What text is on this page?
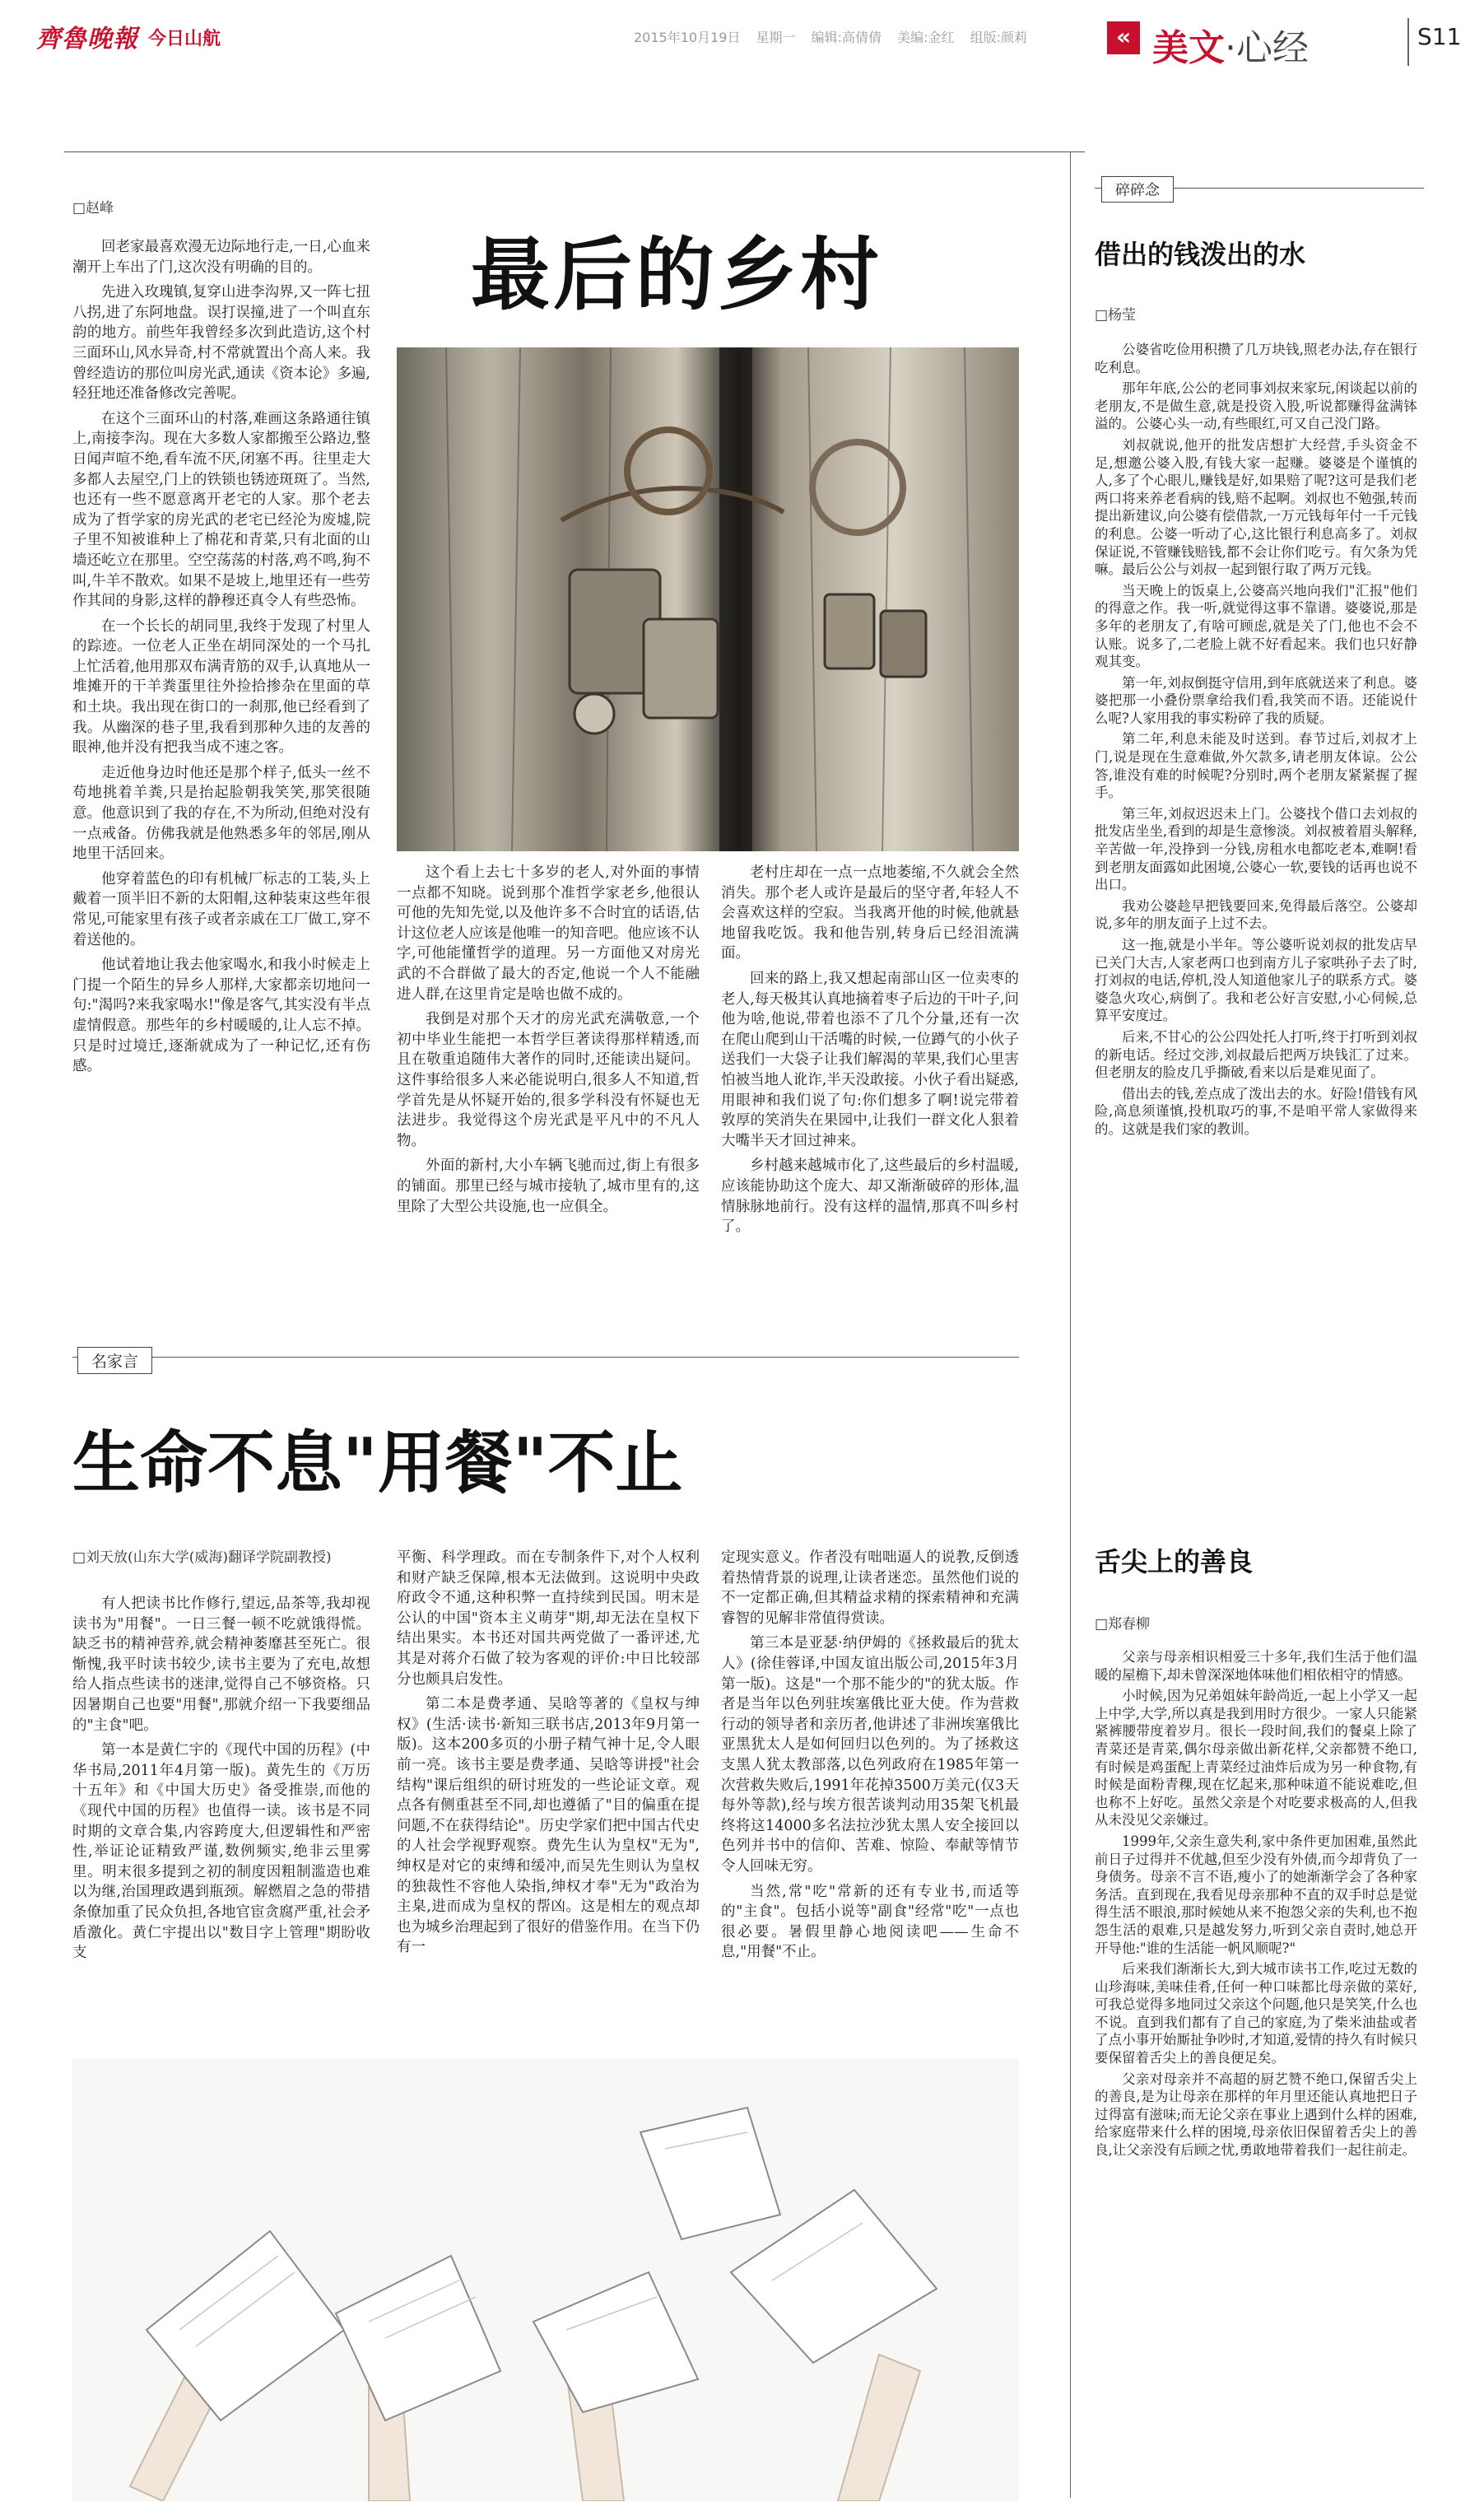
齊魯晚報 今日山航	2015年10月19日 星期一 编辑:高倩倩 美编:金红 组版:颜莉	« 美文·心经	S11
□赵峰
最后的乡村

回老家最喜欢漫无边际地行走,一日,心血来潮开上车出了门,这次没有明确的目的。

先进入玫瑰镇,复穿山进李沟界,又一阵七扭八拐,进了东阿地盘。误打误撞,进了一个叫直东韵的地方。前些年我曾经多次到此造访,这个村三面环山,风水异奇,村不常就置出个高人来。我曾经造访的那位叫房光武,通读《资本论》多遍,轻狂地还准备修改完善呢。

在这个三面环山的村落,难画这条路通往镇上,南接李沟。现在大多数人家都搬至公路边,整日闻声喧不绝,看车流不厌,闭塞不再。往里走大多都人去屋空,门上的铁锁也锈迹斑斑了。当然,也还有一些不愿意离开老宅的人家。那个老去成为了哲学家的房光武的老宅已经沦为废墟,院子里不知被谁种上了棉花和青菜,只有北面的山墙还屹立在那里。空空荡荡的村落,鸡不鸣,狗不叫,牛羊不散欢。如果不是坡上,地里还有一些劳作其间的身影,这样的静穆还真令人有些恐怖。

在一个长长的胡同里,我终于发现了村里人的踪迹。一位老人正坐在胡同深处的一个马扎上忙活着,他用那双布满青筋的双手,认真地从一堆摊开的干羊粪蛋里往外捡拾掺杂在里面的草和土块。我出现在街口的一刹那,他已经看到了我。从幽深的巷子里,我看到那种久违的友善的眼神,他并没有把我当成不速之客。

走近他身边时他还是那个样子,低头一丝不苟地挑着羊粪,只是抬起脸朝我笑笑,那笑很随意。他意识到了我的存在,不为所动,但绝对没有一点戒备。仿佛我就是他熟悉多年的邻居,刚从地里干活回来。

他穿着蓝色的印有机械厂标志的工装,头上戴着一顶半旧不新的太阳帽,这种装束这些年很常见,可能家里有孩子或者亲戚在工厂做工,穿不着送他的。

他试着地让我去他家喝水,和我小时候走上门提一个陌生的异乡人那样,大家都亲切地问一句:"渴吗?来我家喝水!"像是客气,其实没有半点虚情假意。那些年的乡村暖暖的,让人忘不掉。只是时过境迁,逐渐就成为了一种记忆,还有伤感。

这个看上去七十多岁的老人,对外面的事情一点都不知晓。说到那个准哲学家老乡,他很认可他的先知先觉,以及他许多不合时宜的话语,估计这位老人应该是他唯一的知音吧。他应该不认字,可他能懂哲学的道理。另一方面他又对房光武的不合群做了最大的否定,他说一个人不能融进人群,在这里肯定是啥也做不成的。

我倒是对那个天才的房光武充满敬意,一个初中毕业生能把一本哲学巨著读得那样精透,而且在敬重追随伟大著作的同时,还能读出疑问。这件事给很多人来必能说明白,很多人不知道,哲学首先是从怀疑开始的,很多学科没有怀疑也无法进步。我觉得这个房光武是平凡中的不凡人物。

外面的新村,大小车辆飞驰而过,街上有很多的铺面。那里已经与城市接轨了,城市里有的,这里除了大型公共设施,也一应俱全。

老村庄却在一点一点地萎缩,不久就会全然消失。那个老人或许是最后的坚守者,年轻人不会喜欢这样的空寂。当我离开他的时候,他就悬地留我吃饭。我和他告别,转身后已经泪流满面。

回来的路上,我又想起南部山区一位卖枣的老人,每天极其认真地摘着枣子后边的干叶子,问他为啥,他说,带着也添不了几个分量,还有一次在爬山爬到山干活嘴的时候,一位蹲气的小伙子送我们一大袋子让我们解渴的苹果,我们心里害怕被当地人讹诈,半天没敢接。小伙子看出疑惑,用眼神和我们说了句:你们想多了啊!说完带着敦厚的笑消失在果园中,让我们一群文化人狠着大嘴半天才回过神来。

乡村越来越城市化了,这些最后的乡村温暖,应该能协助这个庞大、却又渐渐破碎的形体,温情脉脉地前行。没有这样的温情,那真不叫乡村了。

名家言
生命不息"用餐"不止
□刘天放(山东大学(威海)翻译学院副教授)

有人把读书比作修行,望远,品茶等,我却视读书为"用餐"。一日三餐一顿不吃就饿得慌。缺乏书的精神营养,就会精神萎靡甚至死亡。很惭愧,我平时读书较少,读书主要为了充电,故想给人指点些读书的迷津,觉得自己不够资格。只因暑期自己也要"用餐",那就介绍一下我要细品的"主食"吧。

第一本是黄仁宇的《现代中国的历程》(中华书局,2011年4月第一版)。黄先生的《万历十五年》和《中国大历史》备受推崇,而他的《现代中国的历程》也值得一读。该书是不同时期的文章合集,内容跨度大,但逻辑性和严密性,举证论证精致严谨,数例频实,绝非云里雾里。明末很多提到之初的制度因粗制滥造也难以为继,治国理政遇到瓶颈。解燃眉之急的带措条僚加重了民众负担,各地官宦贪腐严重,社会矛盾激化。黄仁宇提出以"数目字上管理"期盼收支

平衡、科学理政。而在专制条件下,对个人权利和财产缺乏保障,根本无法做到。这说明中央政府政令不通,这种积弊一直持续到民国。明末是公认的中国"资本主义萌芽"期,却无法在皇权下结出果实。本书还对国共两党做了一番评述,尤其是对蒋介石做了较为客观的评价:中日比较部分也颇具启发性。

第二本是费孝通、吴晗等著的《皇权与绅权》(生活·读书·新知三联书店,2013年9月第一版)。这本200多页的小册子精气神十足,令人眼前一亮。该书主要是费孝通、吴晗等讲授"社会结构"课后组织的研讨班发的一些论证文章。观点各有侧重甚至不同,却也遵循了"目的偏重在提问题,不在获得结论"。历史学家们把中国古代史的人社会学视野观察。费先生认为皇权"无为",绅权是对它的束缚和缓冲,而吴先生则认为皇权的独裁性不容他人染指,绅权才奉"无为"政治为主臬,进而成为皇权的帮凶。这是相左的观点却也为城乡治理起到了很好的借鉴作用。在当下仍有一

定现实意义。作者没有咄咄逼人的说教,反倒透着热情背景的说理,让读者迷恋。虽然他们说的不一定都正确,但其精益求精的探索精神和充满睿智的见解非常值得赏读。

第三本是亚瑟·纳伊姆的《拯救最后的犹太人》(徐佳蓉译,中国友谊出版公司,2015年3月第一版)。这是"一个那不能少的"的犹太版。作者是当年以色列驻埃塞俄比亚大使。作为营救行动的领导者和亲历者,他讲述了非洲埃塞俄比亚黑犹太人是如何回归以色列的。为了拯救这支黑人犹太教部落,以色列政府在1985年第一次营救失败后,1991年花掉3500万美元(仅3天每外等款),经与埃方很苦谈判动用35架飞机最终将这14000多名法拉沙犹太黑人安全接回以色列并书中的信仰、苦难、惊险、奉献等情节令人回味无穷。

当然,常"吃"常新的还有专业书,而适等的"主食"。包括小说等"副食"经常"吃"一点也很必要。暑假里静心地阅读吧——生命不息,"用餐"不止。

碎碎念
借出的钱泼出的水
□杨莹

公婆省吃俭用积攒了几万块钱,照老办法,存在银行吃利息。

那年年底,公公的老同事刘叔来家玩,闲谈起以前的老朋友,不是做生意,就是投资入股,听说都赚得盆满钵溢的。公婆心头一动,有些眼红,可又自己没门路。

刘叔就说,他开的批发店想扩大经营,手头资金不足,想邀公婆入股,有钱大家一起赚。婆婆是个谨慎的人,多了个心眼儿,赚钱是好,如果赔了呢?这可是我们老两口将来养老看病的钱,赔不起啊。刘叔也不勉强,转而提出新建议,向公婆有偿借款,一万元钱每年付一千元钱的利息。公婆一听动了心,这比银行利息高多了。刘叔保证说,不管赚钱赔钱,都不会让你们吃亏。有欠条为凭嘛。最后公公与刘叔一起到银行取了两万元钱。

当天晚上的饭桌上,公婆高兴地向我们"汇报"他们的得意之作。我一听,就觉得这事不靠谱。婆婆说,那是多年的老朋友了,有啥可顾虑,就是关了门,他也不会不认账。说多了,二老脸上就不好看起来。我们也只好静观其变。

第一年,刘叔倒挺守信用,到年底就送来了利息。婆婆把那一小叠份票拿给我们看,我笑而不语。还能说什么呢?人家用我的事实粉碎了我的质疑。

第二年,利息未能及时送到。春节过后,刘叔才上门,说是现在生意难做,外欠款多,请老朋友体谅。公公答,谁没有难的时候呢?分别时,两个老朋友紧紧握了握手。

第三年,刘叔迟迟未上门。公婆找个借口去刘叔的批发店坐坐,看到的却是生意惨淡。刘叔被着眉头解释,辛苦做一年,没挣到一分钱,房租水电都吃老本,难啊!看到老朋友面露如此困境,公婆心一软,要钱的话再也说不出口。

我劝公婆趁早把钱要回来,免得最后落空。公婆却说,多年的朋友面子上过不去。

这一拖,就是小半年。等公婆听说刘叔的批发店早已关门大吉,人家老两口也到南方儿子家哄孙子去了时,打刘叔的电话,停机,没人知道他家儿子的联系方式。婆婆急火攻心,病倒了。我和老公好言安慰,小心伺候,总算平安度过。

后来,不甘心的公公四处托人打听,终于打听到刘叔的新电话。经过交涉,刘叔最后把两万块钱汇了过来。但老朋友的脸皮几乎撕破,看来以后是难见面了。

借出去的钱,差点成了泼出去的水。好险!借钱有风险,高息须谨慎,投机取巧的事,不是咱平常人家做得来的。这就是我们家的教训。

舌尖上的善良
□郑春柳

父亲与母亲相识相爱三十多年,我们生活于他们温暖的屋檐下,却未曾深深地体味他们相依相守的情感。

小时候,因为兄弟姐妹年龄尚近,一起上小学又一起上中学,大学,所以真是我到用时方很少。一家人只能紧紧裤腰带度着岁月。很长一段时间,我们的餐桌上除了青菜还是青菜,偶尔母亲做出新花样,父亲都赞不绝口,有时候是鸡蛋配上青菜经过油炸后成为另一种食物,有时候是面粉青稞,现在忆起来,那种味道不能说难吃,但也称不上好吃。虽然父亲是个对吃要求极高的人,但我从未没见父亲嫌过。

1999年,父亲生意失利,家中条件更加困难,虽然此前日子过得并不优越,但至少没有外债,而今却背负了一身债务。母亲不言不语,瘦小了的她渐渐学会了各种家务活。直到现在,我看见母亲那种不直的双手时总是觉得生活不眼浪,那时候她从来不抱怨父亲的失利,也不抱怨生活的艰难,只是越发努力,听到父亲自责时,她总开开导他:"谁的生活能一帆风顺呢?"

后来我们渐渐长大,到大城市读书工作,吃过无数的山珍海味,美味佳肴,任何一种口味都比母亲做的菜好,可我总觉得多地同过父亲这个问题,他只是笑笑,什么也不说。直到我们都有了自己的家庭,为了柴米油盐或者了点小事开始厮扯争吵时,才知道,爱情的持久有时候只要保留着舌尖上的善良便足矣。

父亲对母亲并不高超的厨艺赞不绝口,保留舌尖上的善良,是为让母亲在那样的年月里还能认真地把日子过得富有滋味;而无论父亲在事业上遇到什么样的困难,给家庭带来什么样的困境,母亲依旧保留着舌尖上的善良,让父亲没有后顾之忧,勇敢地带着我们一起往前走。
